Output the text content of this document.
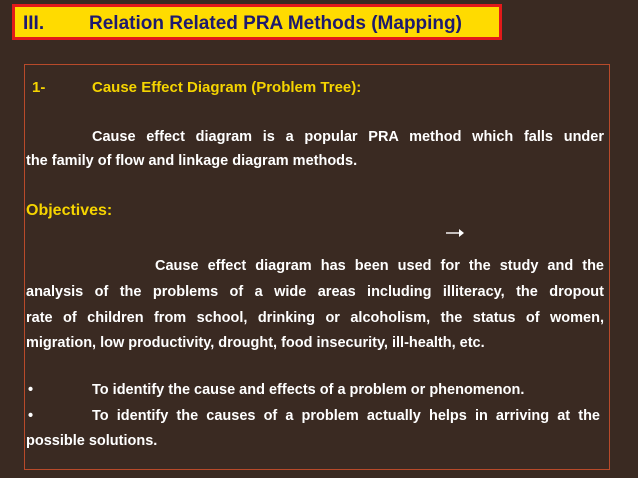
III. Relation Related PRA Methods (Mapping)
1-	Cause Effect Diagram (Problem Tree):
Cause effect diagram is a popular PRA method which falls under
the family of flow and linkage diagram methods.
Objectives:
Cause effect diagram has been used for the study and the
analysis of the problems of a wide areas including illiteracy, the dropout
rate of children from school, drinking or alcoholism, the status of women,
migration, low productivity, drought, food insecurity, ill-health, etc.
•	To identify the cause and effects of a problem or phenomenon.
•	To identify the causes of a problem actually helps in arriving at the
possible solutions.
